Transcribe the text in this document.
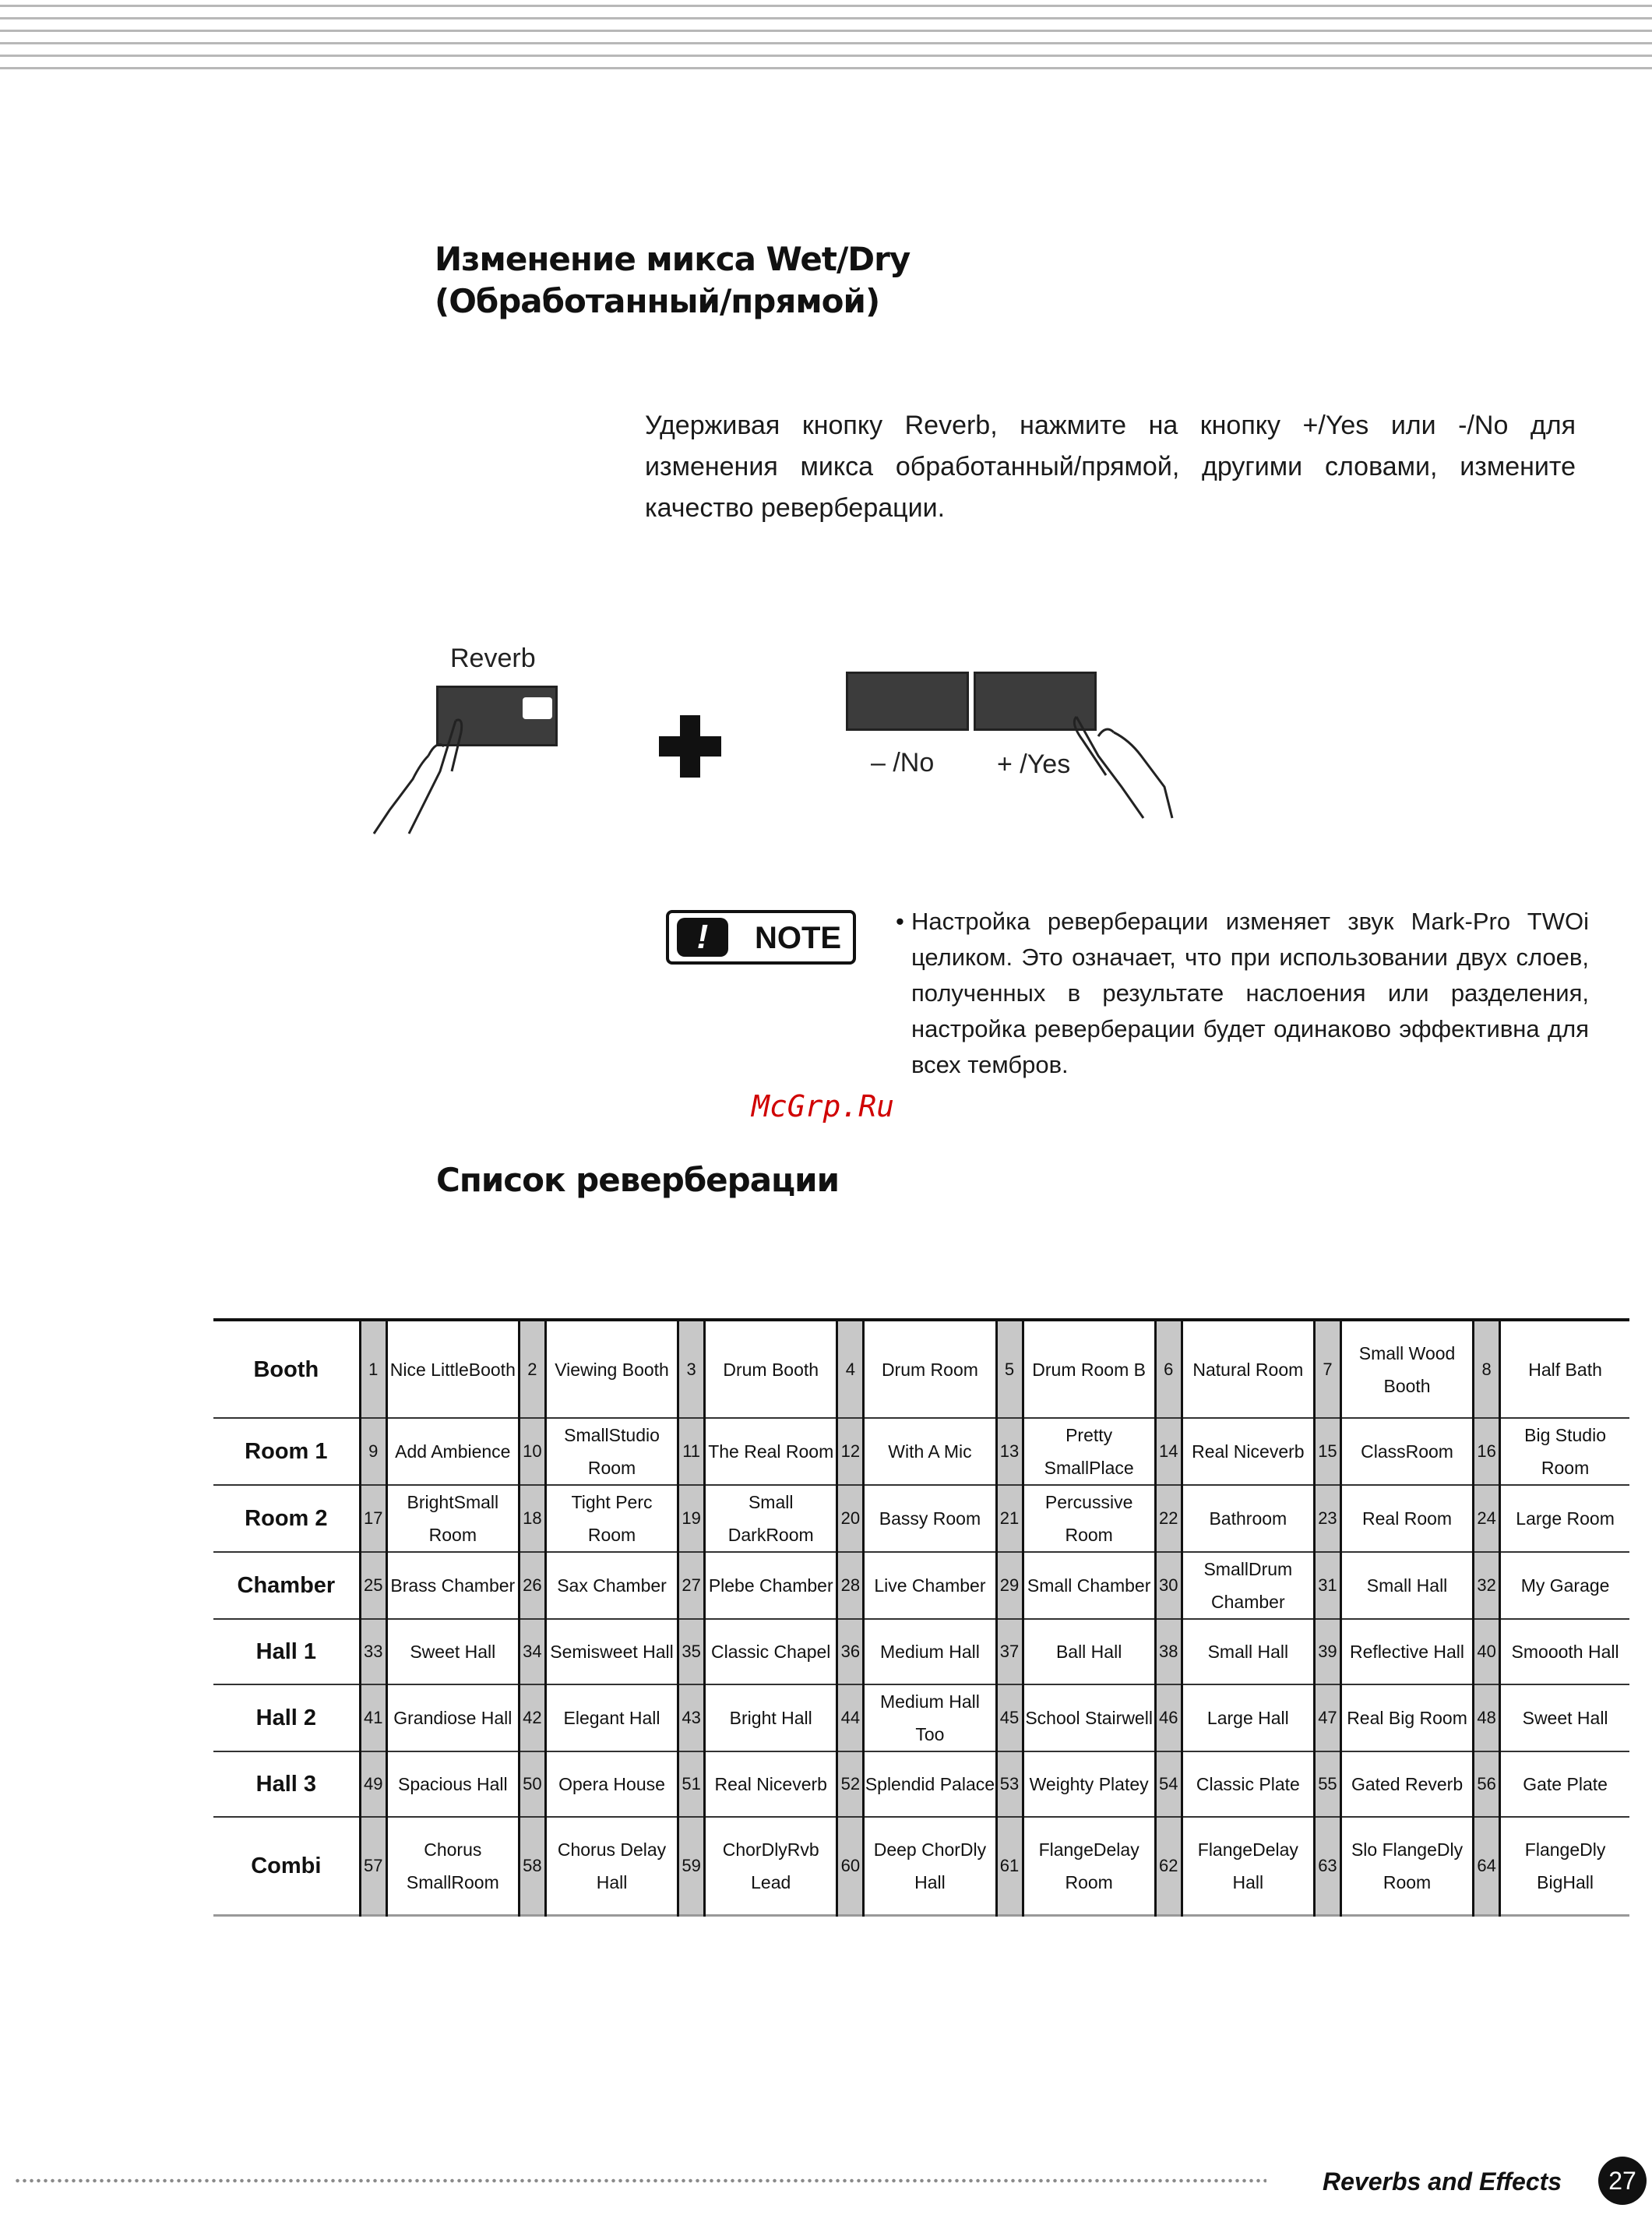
Изменение микса Wet/Dry
(Обработанный/прямой)
Удерживая кнопку Reverb, нажмите на кнопку +/Yes или -/No для изменения микса обработанный/прямой, другими словами, измените качество реверберации.
Reverb
– /No + /Yes
!	NOTE • Настройка реверберации изменяет звук Mark-Pro TWOi целиком. Это означает, что при использовании двух слоев, полученных в результате наслоения или разделения, настройка реверберации будет одинаково эффективна для всех тембров.
McGrp.Ru
Список реверберации
Booth	1	Nice LittleBooth	2	Viewing Booth	3	Drum Booth	4	Drum Room	5	Drum Room B	6	Natural Room	7	Small Wood Booth	8	Half Bath
Room 1	9	Add Ambience	10	SmallStudio Room	11	The Real Room	12	With A Mic	13	Pretty SmallPlace	14	Real Niceverb	15	ClassRoom	16	Big Studio Room
Room 2	17	BrightSmall Room	18	Tight Perc Room	19	Small DarkRoom	20	Bassy Room	21	Percussive Room	22	Bathroom	23	Real Room	24	Large Room
Chamber	25	Brass Chamber	26	Sax Chamber	27	Plebe Chamber	28	Live Chamber	29	Small Chamber	30	SmallDrum Chamber	31	Small Hall	32	My Garage
Hall 1	33	Sweet Hall	34	Semisweet Hall	35	Classic Chapel	36	Medium Hall	37	Ball Hall	38	Small Hall	39	Reflective Hall	40	Smoooth Hall
Hall 2	41	Grandiose Hall	42	Elegant Hall	43	Bright Hall	44	Medium Hall Too	45	School Stairwell	46	Large Hall	47	Real Big Room	48	Sweet Hall
Hall 3	49	Spacious Hall	50	Opera House	51	Real Niceverb	52	Splendid Palace	53	Weighty Platey	54	Classic Plate	55	Gated Reverb	56	Gate Plate
Combi	57	Chorus SmallRoom	58	Chorus Delay Hall	59	ChorDlyRvb Lead	60	Deep ChorDly Hall	61	FlangeDelay Room	62	FlangeDelay Hall	63	Slo FlangeDly Room	64	FlangeDly BigHall
Reverbs and Effects	27
